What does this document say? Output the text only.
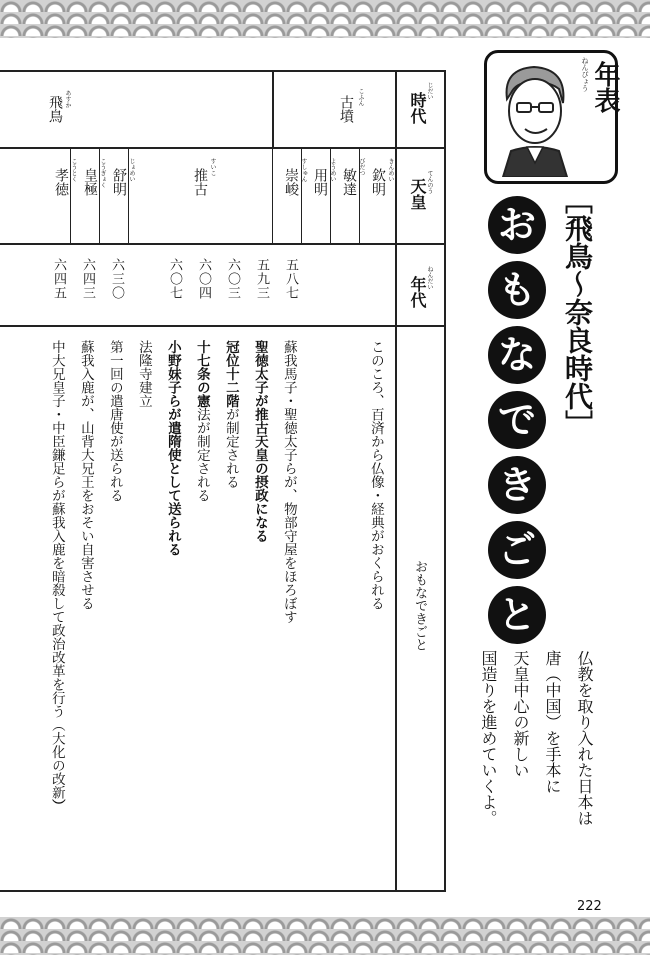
ねんぴょう 年表
［飛鳥〜奈良時代］
お
も
な
で
き
ご
と
仏教を取り入れた日本は
唐（中国）を手本に
天皇中心の新しい
国造りを進めていくよ。
じだい
時代
てんのう
天皇
ねんだい
年代
おもなできごと
こふん
古墳
あすか
飛鳥
きんめい
欽明
びだつ
敏達
ようめい
用明
すしゅん
崇峻
すいこ
推古
じょめい
舒明
こうぎょく
皇極
こうとく
孝徳
五八七
五九三
六〇三
六〇四
六〇七
六三〇
六四三
六四五
このころ、百済から仏像・経典がおくられる
蘇我馬子・聖徳太子らが、物部守屋をほろぼす
聖徳太子が推古天皇の摂政になる
冠位十二階が制定される
十七条の憲法が制定される
小野妹子らが遣隋使として送られる
法隆寺建立
第一回の遣唐使が送られる
蘇我入鹿が、山背大兄王をおそい自害させる
中大兄皇子・中臣鎌足らが蘇我入鹿を暗殺して政治改革を行う（大化の改新）
222
